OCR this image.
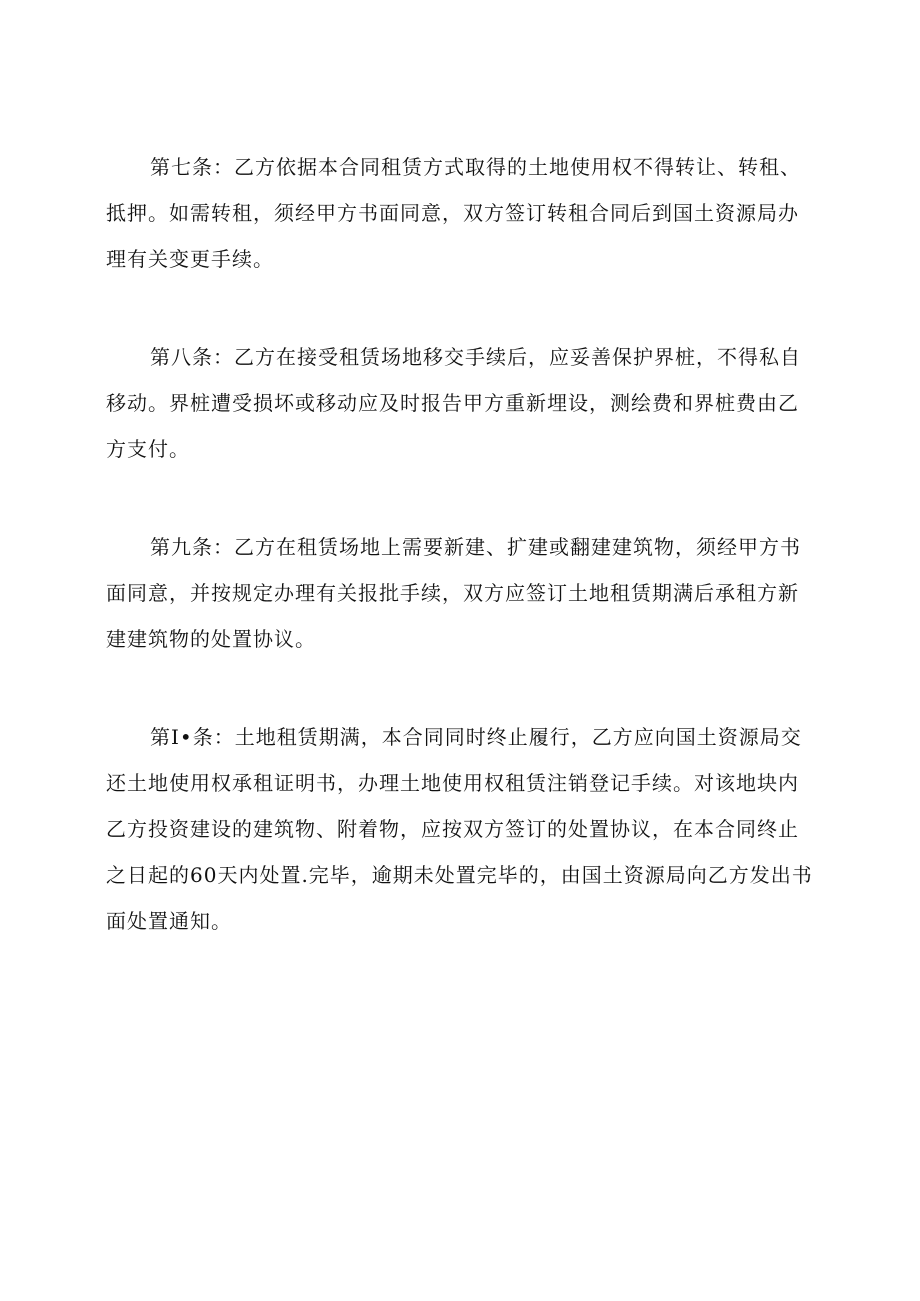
第七条：乙方依据本合同租赁方式取得的土地使用权不得转让、转租、
抵押。如需转租，须经甲方书面同意，双方签订转租合同后到国土资源局办
理有关变更手续。
第八条：乙方在接受租赁场地移交手续后，应妥善保护界桩，不得私自
移动。界桩遭受损坏或移动应及时报告甲方重新埋设，测绘费和界桩费由乙
方支付。
第九条：乙方在租赁场地上需要新建、扩建或翻建建筑物，须经甲方书
面同意，并按规定办理有关报批手续，双方应签订土地租赁期满后承租方新
建建筑物的处置协议。
第I•条：土地租赁期满，本合同同时终止履行，乙方应向国土资源局交
还土地使用权承租证明书，办理土地使用权租赁注销登记手续。对该地块内
乙方投资建设的建筑物、附着物，应按双方签订的处置协议，在本合同终止
之日起的60天内处置.完毕，逾期未处置完毕的，由国土资源局向乙方发出书
面处置通知。
